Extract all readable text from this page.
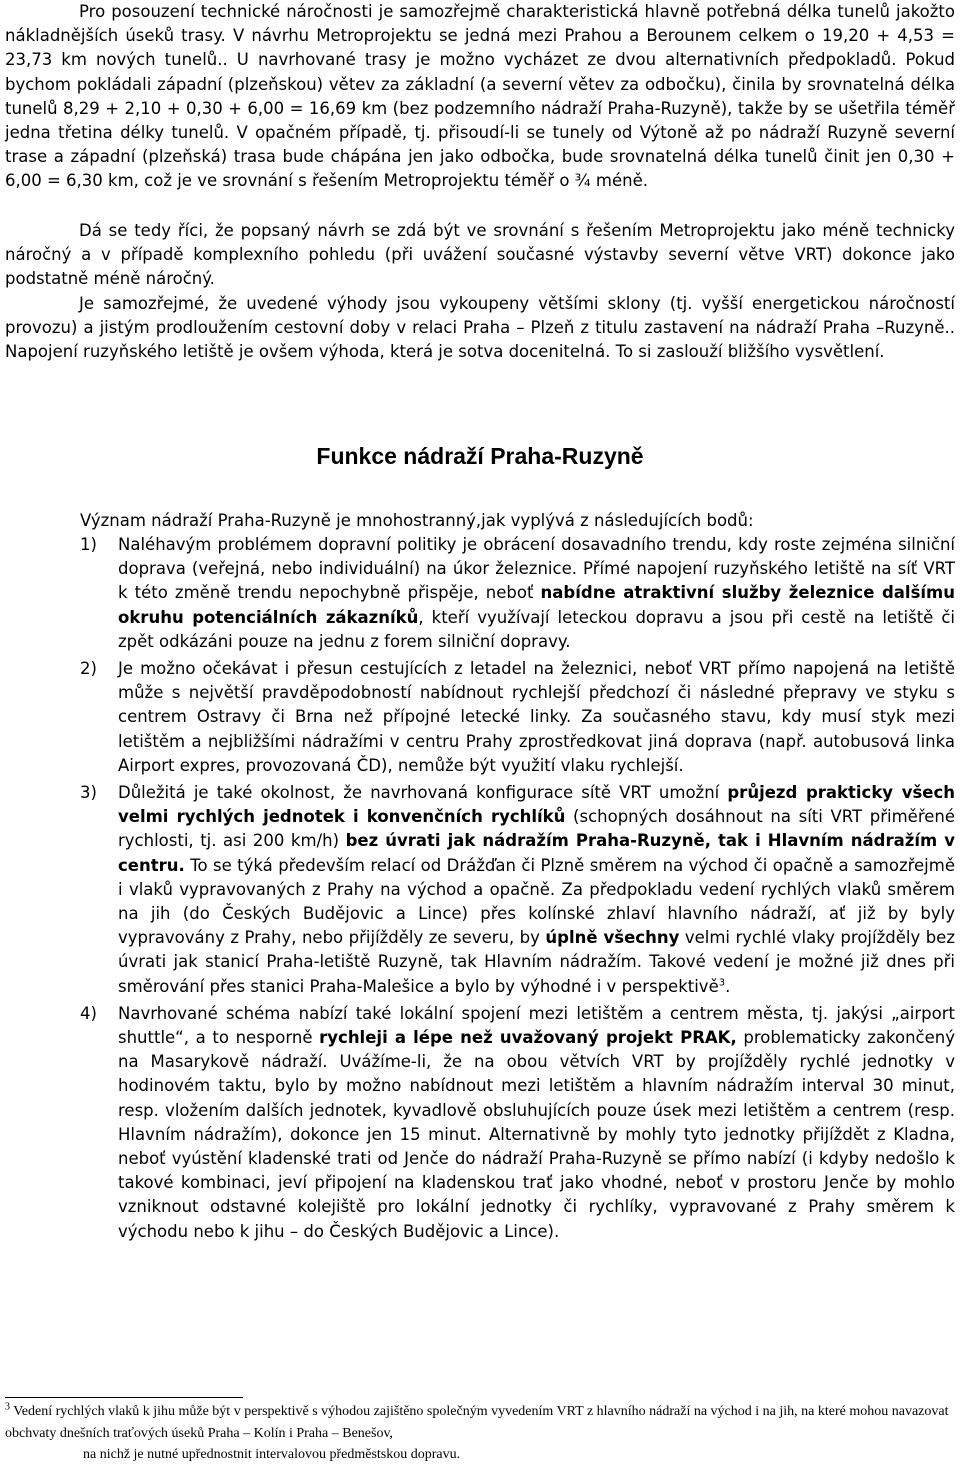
Pro posouzení technické náročnosti je samozřejmě charakteristická hlavně potřebná délka tunelů jakožto nákladnějších úseků trasy. V návrhu Metroprojektu se jedná mezi Prahou a Berounem celkem o 19,20 + 4,53 = 23,73 km nových tunelů.. U navrhované trasy je možno vycházet ze dvou alternativních předpokladů. Pokud bychom pokládali západní (plzeňskou) větev za základní (a severní větev za odbočku), činila by srovnatelná délka tunelů 8,29 + 2,10 + 0,30 + 6,00 = 16,69 km (bez podzemního nádraží Praha-Ruzyně), takže by se ušetřila téměř jedna třetina délky tunelů. V opačném případě, tj. přisoudí-li se tunely od Výtoně až po nádraží Ruzyně severní trase a západní (plzeňská) trasa bude chápána jen jako odbočka, bude srovnatelná délka tunelů činit jen 0,30 + 6,00 = 6,30 km, což je ve srovnání s řešením Metroprojektu téměř o ¾ méně.

Dá se tedy říci, že popsaný návrh se zdá být ve srovnání s řešením Metroprojektu jako méně technicky náročný a v případě komplexního pohledu (při uvážení současné výstavby severní větve VRT) dokonce jako podstatně méně náročný.

Je samozřejmé, že uvedené výhody jsou vykoupeny většími sklony (tj. vyšší energetickou náročností provozu) a jistým prodloužením cestovní doby v relaci Praha – Plzeň z titulu zastavení na nádraží Praha –Ruzyně.. Napojení ruzyňského letiště je ovšem výhoda, která je sotva docenitelná. To si zaslouží bližšího vysvětlení.

Funkce nádraží Praha-Ruzyně

Význam nádraží Praha-Ruzyně je mnohostranný,jak vyplývá z následujících bodů:

1) Naléhavým problémem dopravní politiky je obrácení dosavadního trendu, kdy roste zejména silniční doprava (veřejná, nebo individuální) na úkor železnice. Přímé napojení ruzyňského letiště na síť VRT k této změně trendu nepochybně přispěje, neboť nabídne atraktivní služby železnice dalšímu okruhu potenciálních zákazníků, kteří využívají leteckou dopravu a jsou při cestě na letiště či zpět odkázáni pouze na jednu z forem silniční dopravy.
2) Je možno očekávat i přesun cestujících z letadel na železnici, neboť VRT přímo napojená na letiště může s největší pravděpodobností nabídnout rychlejší předchozí či následné přepravy ve styku s centrem Ostravy či Brna než přípojné letecké linky. Za současného stavu, kdy musí styk mezi letištěm a nejbližšími nádražími v centru Prahy zprostředkovat jiná doprava (např. autobusová linka Airport expres, provozovaná ČD), nemůže být využití vlaku rychlejší.
3) Důležitá je také okolnost, že navrhovaná konfigurace sítě VRT umožní průjezd prakticky všech velmi rychlých jednotek i konvenčních rychlíků (schopných dosáhnout na síti VRT přiměřené rychlosti, tj. asi 200 km/h) bez úvrati jak nádražím Praha-Ruzyně, tak i Hlavním nádražím v centru. To se týká především relací od Drážďan či Plzně směrem na východ či opačně a samozřejmě i vlaků vypravovaných z Prahy na východ a opačně. Za předpokladu vedení rychlých vlaků směrem na jih (do Českých Budějovic a Lince) přes kolínské zhlaví hlavního nádraží, ať již by byly vypravovány z Prahy, nebo přijížděly ze severu, by úplně všechny velmi rychlé vlaky projížděly bez úvrati jak stanicí Praha-letiště Ruzyně, tak Hlavním nádražím. Takové vedení je možné již dnes při směrování přes stanici Praha-Malešice a bylo by výhodné i v perspektivě$^3$.
4) Navrhované schéma nabízí také lokální spojení mezi letištěm a centrem města, tj. jakýsi „airport shuttle“, a to nesporně rychleji a lépe než uvažovaný projekt PRAK, problematicky zakončený na Masarykově nádraží. Uvážíme-li, že na obou větvích VRT by projížděly rychlé jednotky v hodinovém taktu, bylo by možno nabídnout mezi letištěm a hlavním nádražím interval 30 minut, resp. vložením dalších jednotek, kyvadlově obsluhujících pouze úsek mezi letištěm a centrem (resp. Hlavním nádražím), dokonce jen 15 minut. Alternativně by mohly tyto jednotky přijíždět z Kladna, neboť vyústění kladenské trati od Jenče do nádraží Praha-Ruzyně se přímo nabízí (i kdyby nedošlo k takové kombinaci, jeví připojení na kladenskou trať jako vhodné, neboť v prostoru Jenče by mohlo vzniknout odstavné kolejiště pro lokální jednotky či rychlíky, vypravované z Prahy směrem k východu nebo k jihu – do Českých Budějovic a Lince).

$^3$ Vedení rychlých vlaků k jihu může být v perspektivě s výhodou zajištěno společným vyvedením VRT z hlavního nádraží na východ i na jih, na které mohou navazovat obchvaty dnešních traťových úseků Praha – Kolín i Praha – Benešov,

na nichž je nutné upřednostnit intervalovou předměstskou dopravu.
